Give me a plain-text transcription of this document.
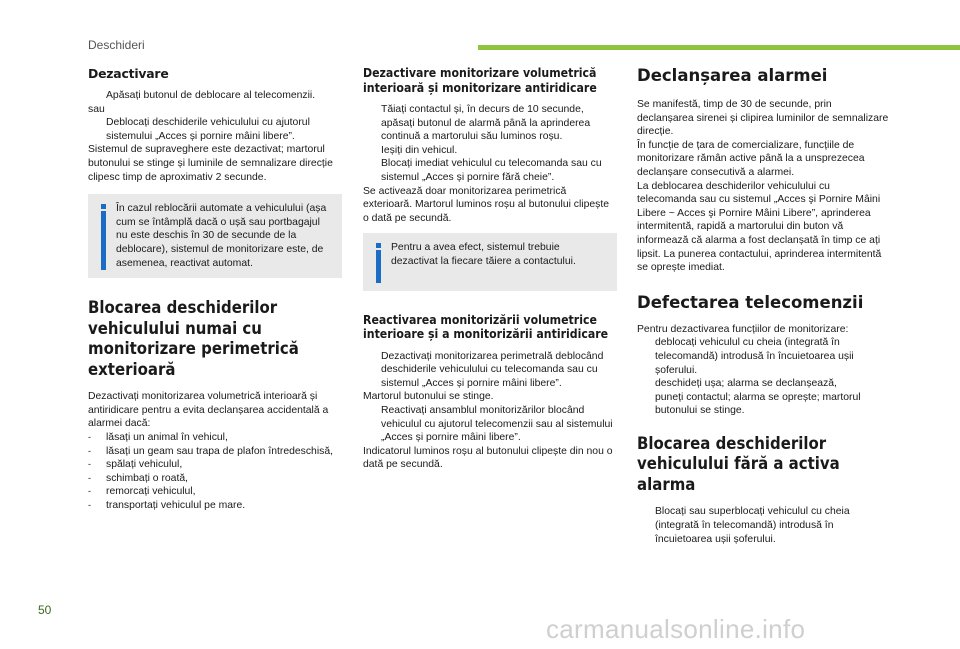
Deschideri
Dezactivare
Apăsați butonul de deblocare al telecomenzii.

sau

Deblocați deschiderile vehiculului cu ajutorul sistemului „Acces și pornire mâini libere”.

Sistemul de supraveghere este dezactivat; martorul butonului se stinge și luminile de semnalizare direcție clipesc timp de aproximativ 2 secunde.

În cazul reblocării automate a vehiculului (așa cum se întâmplă dacă o ușă sau portbagajul nu este deschis în 30 de secunde de la deblocare), sistemul de monitorizare este, de asemenea, reactivat automat.
Blocarea deschiderilor vehiculului numai cu monitorizare perimetrică exterioară

Dezactivați monitorizarea volumetrică interioară și antiridicare pentru a evita declanșarea accidentală a alarmei dacă:

-	lăsați un animal în vehicul,
-	lăsați un geam sau trapa de plafon întredeschisă,
-	spălați vehiculul,
-	schimbați o roată,
-	remorcați vehiculul,
-	transportați vehiculul pe mare.
Dezactivare monitorizare volumetrică interioară și monitorizare antiridicare
Tăiați contactul și, în decurs de 10 secunde, apăsați butonul de alarmă până la aprinderea continuă a martorului său luminos roșu.
Ieșiți din vehicul.
Blocați imediat vehiculul cu telecomanda sau cu sistemul „Acces și pornire fără cheie”.

Se activează doar monitorizarea perimetrică exterioară. Martorul luminos roșu al butonului clipește o dată pe secundă.

Pentru a avea efect, sistemul trebuie dezactivat la fiecare tăiere a contactului.
Reactivarea monitorizării volumetrice interioare și a monitorizării antiridicare
Dezactivați monitorizarea perimetrală deblocând deschiderile vehiculului cu telecomanda sau cu sistemul „Acces și pornire mâini libere”.

Martorul butonului se stinge.

Reactivați ansamblul monitorizărilor blocând vehiculul cu ajutorul telecomenzii sau al sistemului „Acces și pornire mâini libere”.

Indicatorul luminos roșu al butonului clipește din nou o dată pe secundă.

Declanșarea alarmei

Se manifestă, timp de 30 de secunde, prin declanșarea sirenei și clipirea luminilor de semnalizare direcție.

În funcție de țara de comercializare, funcțiile de monitorizare rămân active până la a unsprezecea declanșare consecutivă a alarmei.

La deblocarea deschiderilor vehiculului cu telecomanda sau cu sistemul „Acces şi Pornire Mâini Libere ~ Acces şi Pornire Mâini Libere”, aprinderea intermitentă, rapidă a martorului din buton vă informează că alarma a fost declanșată în timp ce ați lipsit. La punerea contactului, aprinderea intermitentă se oprește imediat.

Defectarea telecomenzii

Pentru dezactivarea funcțiilor de monitorizare:

deblocați vehiculul cu cheia (integrată în telecomandă) introdusă în încuietoarea ușii șoferului.
deschideți ușa; alarma se declanșează,
puneți contactul; alarma se oprește; martorul butonului se stinge.
Blocarea deschiderilor vehiculului fără a activa alarma
Blocați sau superblocați vehiculul cu cheia (integrată în telecomandă) introdusă în încuietoarea ușii șoferului.
50
carmanualsonline.info
